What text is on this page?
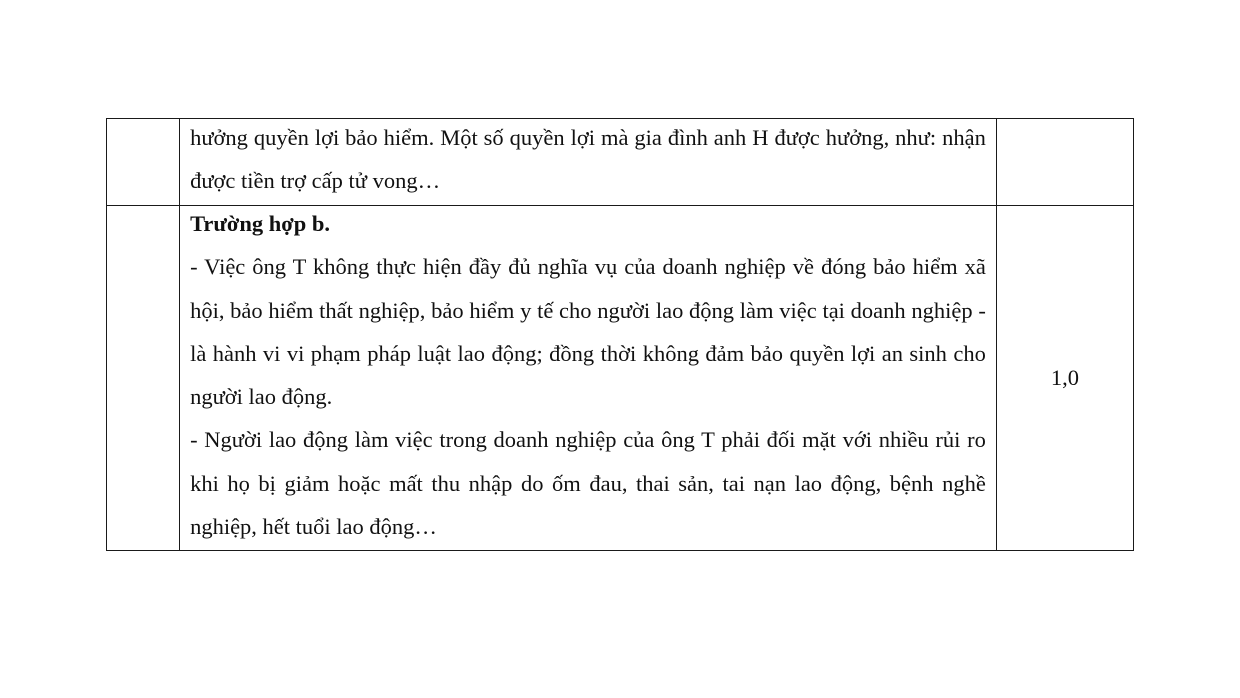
	hưởng quyền lợi bảo hiểm. Một số quyền lợi mà gia đình anh H được hưởng, như: nhận được tiền trợ cấp tử vong…	

	Trường hợp b.

- Việc ông T không thực hiện đầy đủ nghĩa vụ của doanh nghiệp về đóng bảo hiểm xã hội, bảo hiểm thất nghiệp, bảo hiểm y tế cho người lao động làm việc tại doanh nghiệp - là hành vi vi phạm pháp luật lao động; đồng thời không đảm bảo quyền lợi an sinh cho người lao động.

- Người lao động làm việc trong doanh nghiệp của ông T phải đối mặt với nhiều rủi ro khi họ bị giảm hoặc mất thu nhập do ốm đau, thai sản, tai nạn lao động, bệnh nghề nghiệp, hết tuổi lao động…	1,0
